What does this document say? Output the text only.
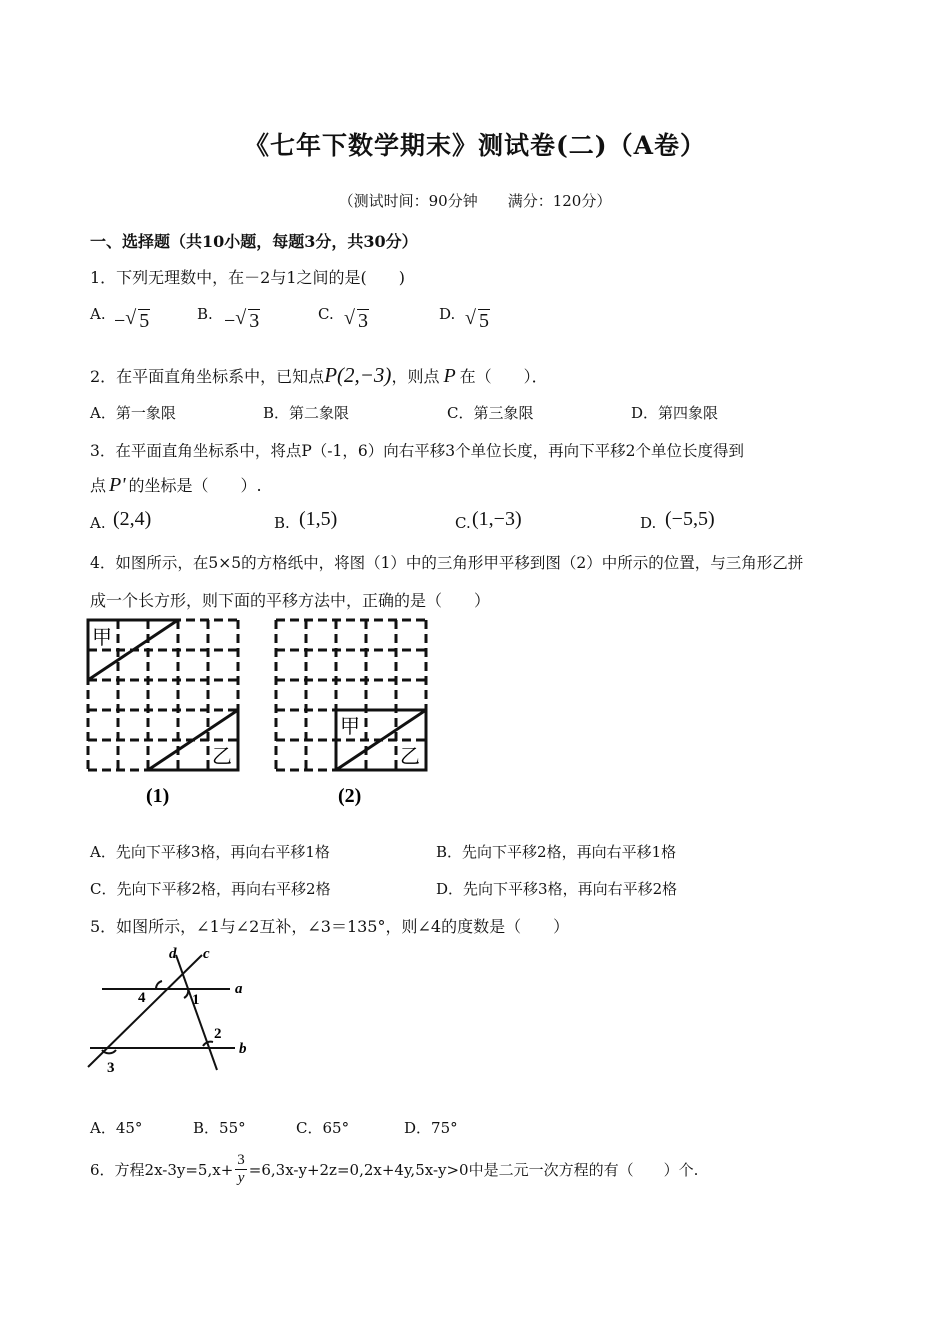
《七年下数学期末》测试卷(二)（A卷）
（测试时间：90分钟　　满分：120分）
一、选择题（共10小题，每题3分，共30分）
1．下列无理数中，在－2与1之间的是(　　)
A. − √ 5	B. − √ 3	C. √ 3	D. √ 5
2．在平面直角坐标系中，已知点P(2,−3)，则点 P 在（　　）．
A．第一象限	B．第二象限	C．第三象限	D．第四象限
3．在平面直角坐标系中，将点P（-1，6）向右平移3个单位长度，再向下平移2个单位长度得到
点 P' 的坐标是（　　）.
A. (2,4)	B. (1,5)	C. (1,−3)	D. (−5,5)
4．如图所示，在5×5的方格纸中，将图（1）中的三角形甲平移到图（2）中所示的位置，与三角形乙拼
成一个长方形，则下面的平移方法中，正确的是（　　）
甲
乙
(1)
甲
乙
(2)
A．先向下平移3格，再向右平移1格	B．先向下平移2格，再向右平移1格
C．先向下平移2格，再向右平移2格	D．先向下平移3格，再向右平移2格
5．如图所示，∠1与∠2互补，∠3＝135°，则∠4的度数是（　　）
d c
a
b
4	1
2
3
A．45°	B．55°	C．65°	D．75°
6．方程$2x-3y=5,x+ \frac{3}{y} =6,3x-y+2z=0,2x+4y,5x-y>0$中是二元一次方程的有（　　）个.
